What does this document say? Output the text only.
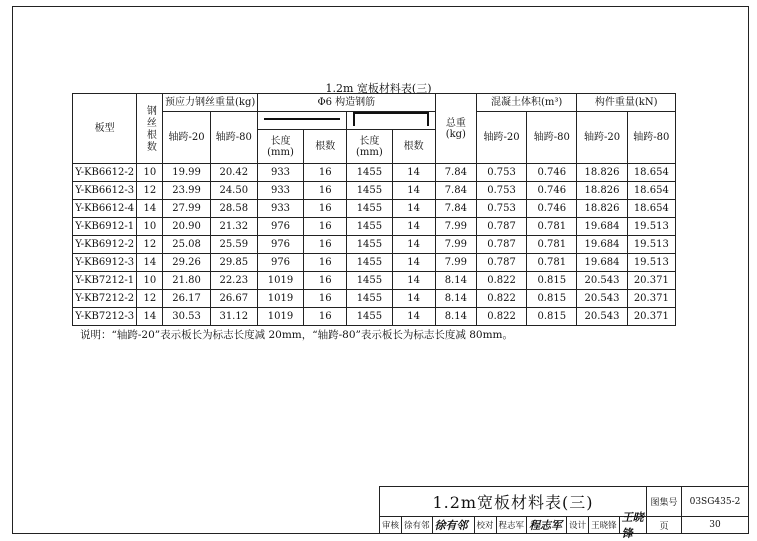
1.2m 宽板材料表(三)
板型	钢丝根数	预应力钢丝重量(kg)		Φ6 构造钢筋				总重(kg)	混凝土体积(m³)		构件重量(kN)	
		轴跨-20	轴跨-80						轴跨-20	轴跨-80	轴跨-20	轴跨-80
				长度(mm)	根数	长度(mm)	根数					
Y-KB6612-2	10	19.99	20.42	933	16	1455	14	7.84	0.753	0.746	18.826	18.654
Y-KB6612-3	12	23.99	24.50	933	16	1455	14	7.84	0.753	0.746	18.826	18.654
Y-KB6612-4	14	27.99	28.58	933	16	1455	14	7.84	0.753	0.746	18.826	18.654
Y-KB6912-1	10	20.90	21.32	976	16	1455	14	7.99	0.787	0.781	19.684	19.513
Y-KB6912-2	12	25.08	25.59	976	16	1455	14	7.99	0.787	0.781	19.684	19.513
Y-KB6912-3	14	29.26	29.85	976	16	1455	14	7.99	0.787	0.781	19.684	19.513
Y-KB7212-1	10	21.80	22.23	1019	16	1455	14	8.14	0.822	0.815	20.543	20.371
Y-KB7212-2	12	26.17	26.67	1019	16	1455	14	8.14	0.822	0.815	20.543	20.371
Y-KB7212-3	14	30.53	31.12	1019	16	1455	14	8.14	0.822	0.815	20.543	20.371
说明：“轴跨-20”表示板长为标志长度减 20mm，“轴跨-80”表示板长为标志长度减 80mm。
1.2m宽板材料表(三)	图集号	03SG435-2
审核 徐有邻 徐有邻	校对 程志军 程志军 设计 王晓锋
王晓锋
页	30
